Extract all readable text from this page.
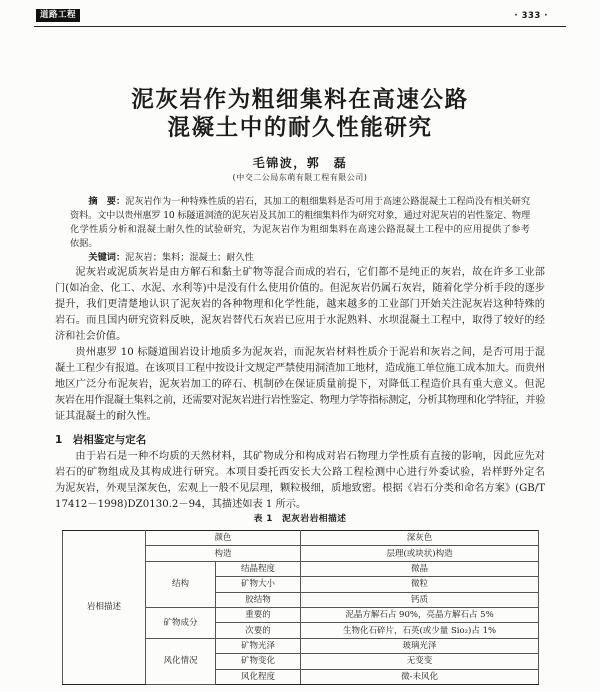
道路工程	· 333 ·
泥灰岩作为粗细集料在高速公路
混凝土中的耐久性能研究
毛锦波，郭　磊
(中交二公局东萌有限工程有限公司)
摘　要：泥灰岩作为一种特殊性质的岩石，其加工的粗细集料是否可用于高速公路混凝土工程尚没有相关研究
资料。文中以贵州惠罗 10 标隧道洞渣的泥灰岩及其加工的粗细集料作为研究对象，通过对泥灰岩的岩性鉴定、物理
化学性质分析和混凝土耐久性的试验研究，为泥灰岩作为粗细集料在高速公路混凝土工程中的应用提供了参考
依据。
关键词：泥灰岩；集料；混凝土；耐久性
泥灰岩或泥质灰岩是由方解石和黏土矿物等混合而成的岩石，它们都不是纯正的灰岩，故在许多工业部
门(如冶金、化工、水泥、水利等)中是没有什么使用价值的。但泥灰岩仍属石灰岩，随着化学分析手段的逐步
提升，我们更清楚地认识了泥灰岩的各种物理和化学性能，越来越多的工业部门开始关注泥灰岩这种特殊的
岩石。而且国内研究资料反映，泥灰岩替代石灰岩已应用于水泥熟料、水坝混凝土工程中，取得了较好的经
济和社会价值。
贵州惠罗 10 标隧道围岩设计地质多为泥灰岩，而泥灰岩材料性质介于泥岩和灰岩之间，是否可用于混
凝土工程少有报道。在该项目工程中按设计文规定严禁使用洞渣加工地材，造成施工单位施工成本加大。而贵州
地区广泛分布泥灰岩，泥灰岩加工的碎石、机制砂在保证质量前提下，对降低工程造价具有重大意义。但泥
灰岩在用作混凝土集料之前，还需要对泥灰岩进行岩性鉴定、物理力学等指标测定，分析其物理和化学特征，并验
证其混凝土的耐久性。
1　岩相鉴定与定名
由于岩石是一种不均质的天然材料，其矿物成分和构成对岩石物理力学性质有直接的影响，因此应先对
岩石的矿物组成及其构成进行研究。本项目委托西安长大公路工程检测中心进行外委试验，岩样野外定名
为泥灰岩，外观呈深灰色，宏观上一般不见层理，颗粒极细，质地致密。根据《岩石分类和命名方案》(GB/T
17412－1998)DZ0130.2－94，其描述如表 1 所示。
表 1　泥灰岩岩相描述
岩相描述	颜色		深灰色
	构造		层理(或块状)构造
	结构	结晶程度	微晶
		矿物大小	微粒
		胶结物	钙质
	矿物成分	重要的	泥晶方解石占 90%，亮晶方解石占 5%
		次要的	生物化石碎片，石英(或少量 Sio₂)占 1%
	风化情况	矿物光泽	玻璃光泽
		矿物变化	无变变
		风化程度	微-未风化
